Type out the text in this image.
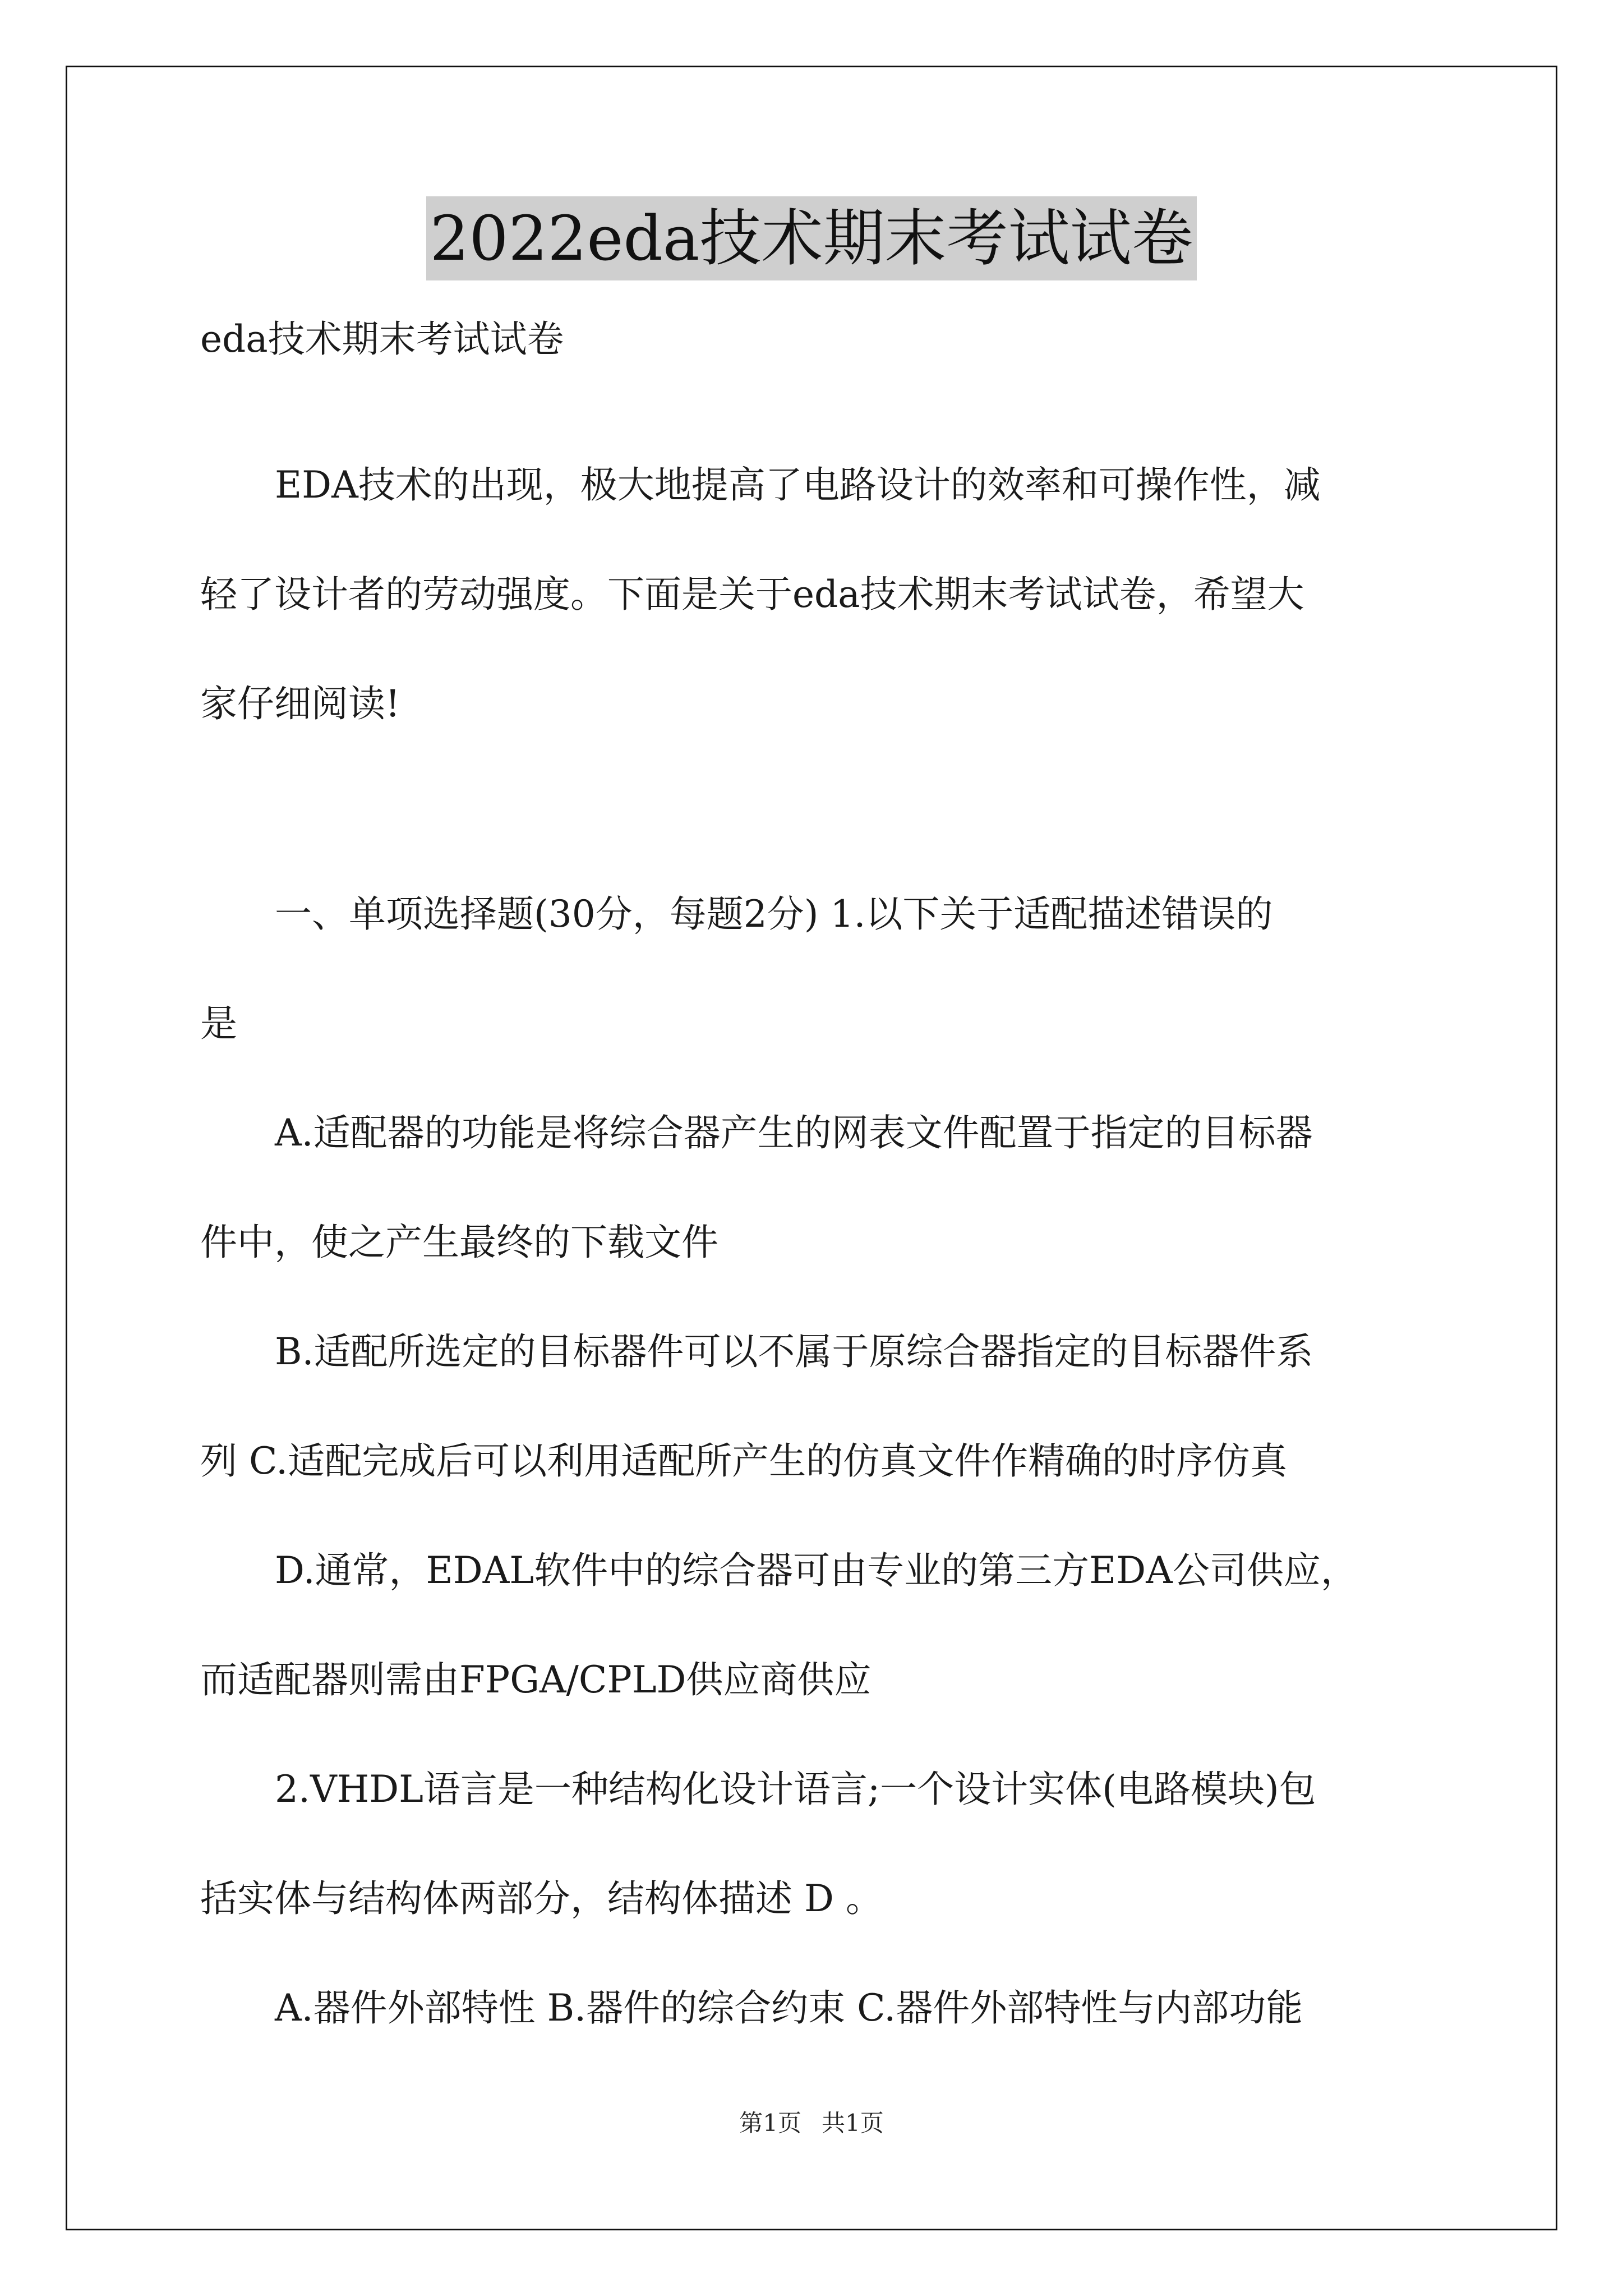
2022eda技术期末考试试卷
eda技术期末考试试卷
EDA技术的出现，极大地提高了电路设计的效率和可操作性，减
轻了设计者的劳动强度。下面是关于eda技术期末考试试卷，希望大
家仔细阅读!
一、单项选择题(30分，每题2分) 1.以下关于适配描述错误的
是
A.适配器的功能是将综合器产生的网表文件配置于指定的目标器
件中，使之产生最终的下载文件
B.适配所选定的目标器件可以不属于原综合器指定的目标器件系
列 C.适配完成后可以利用适配所产生的仿真文件作精确的时序仿真
D.通常，EDAL软件中的综合器可由专业的第三方EDA公司供应，
而适配器则需由FPGA/CPLD供应商供应
2.VHDL语言是一种结构化设计语言;一个设计实体(电路模块)包
括实体与结构体两部分，结构体描述 D 。
A.器件外部特性 B.器件的综合约束 C.器件外部特性与内部功能
第1页 共1页
